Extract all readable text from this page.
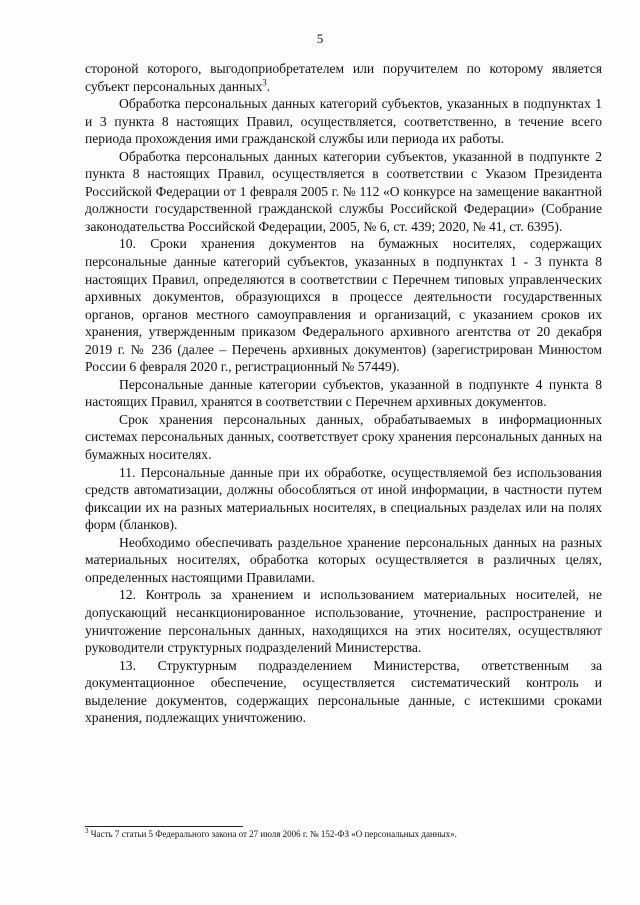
5

стороной которого, выгодоприобретателем или поручителем по которому является субъект персональных данных$^3$.

Обработка персональных данных категорий субъектов, указанных в подпунктах 1 и 3 пункта 8 настоящих Правил, осуществляется, соответственно, в течение всего периода прохождения ими гражданской службы или периода их работы.

Обработка персональных данных категории субъектов, указанной в подпункте 2 пункта 8 настоящих Правил, осуществляется в соответствии с Указом Президента Российской Федерации от 1 февраля 2005 г. № 112 «О конкурсе на замещение вакантной должности государственной гражданской службы Российской Федерации» (Собрание законодательства Российской Федерации, 2005, № 6, ст. 439; 2020, № 41, ст. 6395).

10. Сроки хранения документов на бумажных носителях, содержащих персональные данные категорий субъектов, указанных в подпунктах 1 - 3 пункта 8 настоящих Правил, определяются в соответствии с Перечнем типовых управленческих архивных документов, образующихся в процессе деятельности государственных органов, органов местного самоуправления и организаций, с указанием сроков их хранения, утвержденным приказом Федерального архивного агентства от 20 декабря 2019 г. № 236 (далее – Перечень архивных документов) (зарегистрирован Минюстом России 6 февраля 2020 г., регистрационный № 57449).

Персональные данные категории субъектов, указанной в подпункте 4 пункта 8 настоящих Правил, хранятся в соответствии с Перечнем архивных документов.

Срок хранения персональных данных, обрабатываемых в информационных системах персональных данных, соответствует сроку хранения персональных данных на бумажных носителях.

11. Персональные данные при их обработке, осуществляемой без использования средств автоматизации, должны обособляться от иной информации, в частности путем фиксации их на разных материальных носителях, в специальных разделах или на полях форм (бланков).

Необходимо обеспечивать раздельное хранение персональных данных на разных материальных носителях, обработка которых осуществляется в различных целях, определенных настоящими Правилами.

12. Контроль за хранением и использованием материальных носителей, не допускающий несанкционированное использование, уточнение, распространение и уничтожение персональных данных, находящихся на этих носителях, осуществляют руководители структурных подразделений Министерства.

13. Структурным подразделением Министерства, ответственным за документационное обеспечение, осуществляется систематический контроль и выделение документов, содержащих персональные данные, с истекшими сроками хранения, подлежащих уничтожению.

$^3$ Часть 7 статьи 5 Федерального закона от 27 июля 2006 г. № 152-ФЗ «О персональных данных».
